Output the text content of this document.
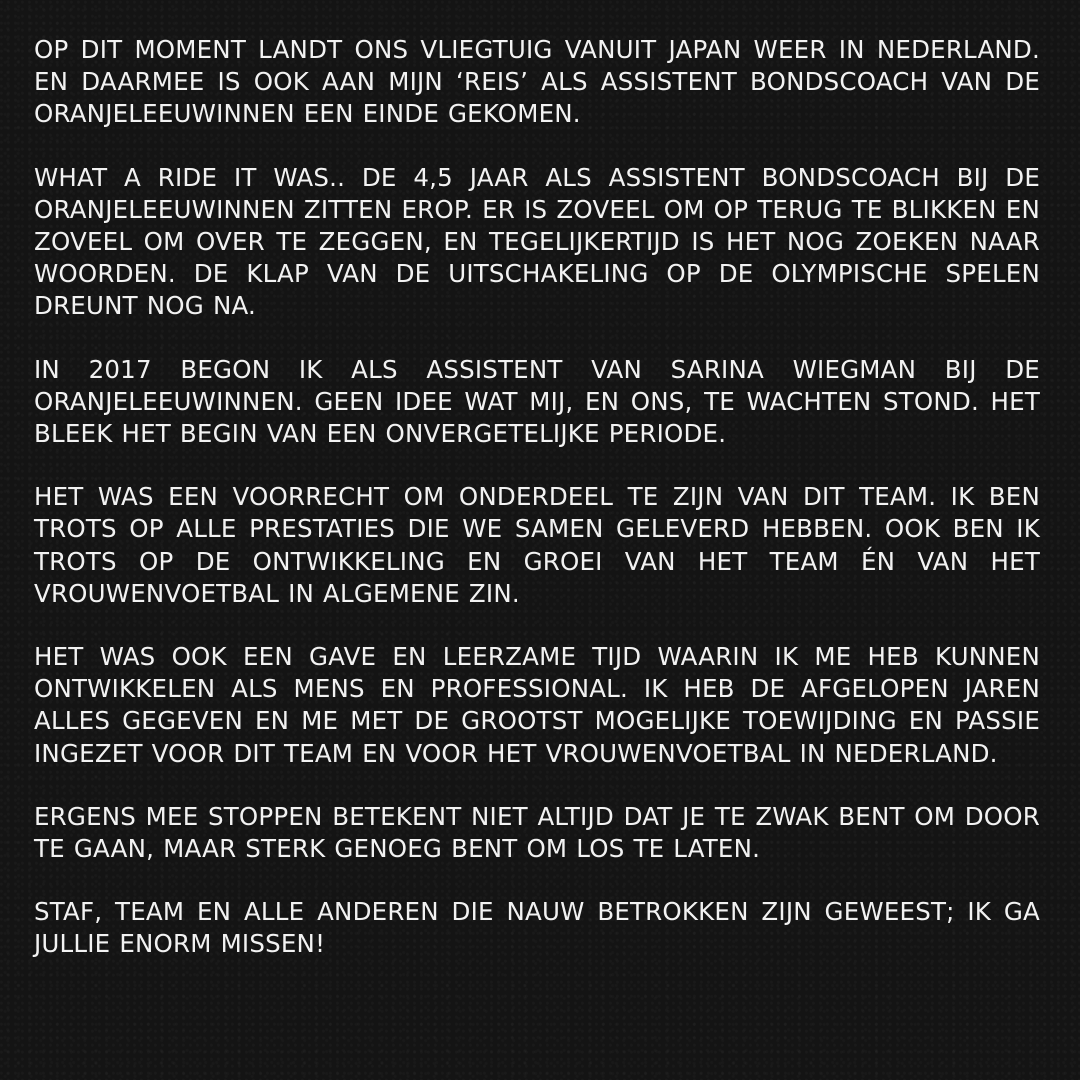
OP DIT MOMENT LANDT ONS VLIEGTUIG VANUIT JAPAN WEER IN NEDERLAND. EN DAARMEE IS OOK AAN MIJN ‘REIS’ ALS ASSISTENT BONDSCOACH VAN DE ORANJELEEUWINNEN EEN EINDE GEKOMEN.

WHAT A RIDE IT WAS.. DE 4,5 JAAR ALS ASSISTENT BONDSCOACH BIJ DE ORANJELEEUWINNEN ZITTEN EROP. ER IS ZOVEEL OM OP TERUG TE BLIKKEN EN ZOVEEL OM OVER TE ZEGGEN, EN TEGELIJKERTIJD IS HET NOG ZOEKEN NAAR WOORDEN. DE KLAP VAN DE UITSCHAKELING OP DE OLYMPISCHE SPELEN DREUNT NOG NA.

IN 2017 BEGON IK ALS ASSISTENT VAN SARINA WIEGMAN BIJ DE ORANJELEEUWINNEN. GEEN IDEE WAT MIJ, EN ONS, TE WACHTEN STOND. HET BLEEK HET BEGIN VAN EEN ONVERGETELIJKE PERIODE.

HET WAS EEN VOORRECHT OM ONDERDEEL TE ZIJN VAN DIT TEAM. IK BEN TROTS OP ALLE PRESTATIES DIE WE SAMEN GELEVERD HEBBEN. OOK BEN IK TROTS OP DE ONTWIKKELING EN GROEI VAN HET TEAM ÉN VAN HET VROUWENVOETBAL IN ALGEMENE ZIN.

HET WAS OOK EEN GAVE EN LEERZAME TIJD WAARIN IK ME HEB KUNNEN ONTWIKKELEN ALS MENS EN PROFESSIONAL. IK HEB DE AFGELOPEN JAREN ALLES GEGEVEN EN ME MET DE GROOTST MOGELIJKE TOEWIJDING EN PASSIE INGEZET VOOR DIT TEAM EN VOOR HET VROUWENVOETBAL IN NEDERLAND.

ERGENS MEE STOPPEN BETEKENT NIET ALTIJD DAT JE TE ZWAK BENT OM DOOR TE GAAN, MAAR STERK GENOEG BENT OM LOS TE LATEN.

STAF, TEAM EN ALLE ANDEREN DIE NAUW BETROKKEN ZIJN GEWEEST; IK GA JULLIE ENORM MISSEN!
